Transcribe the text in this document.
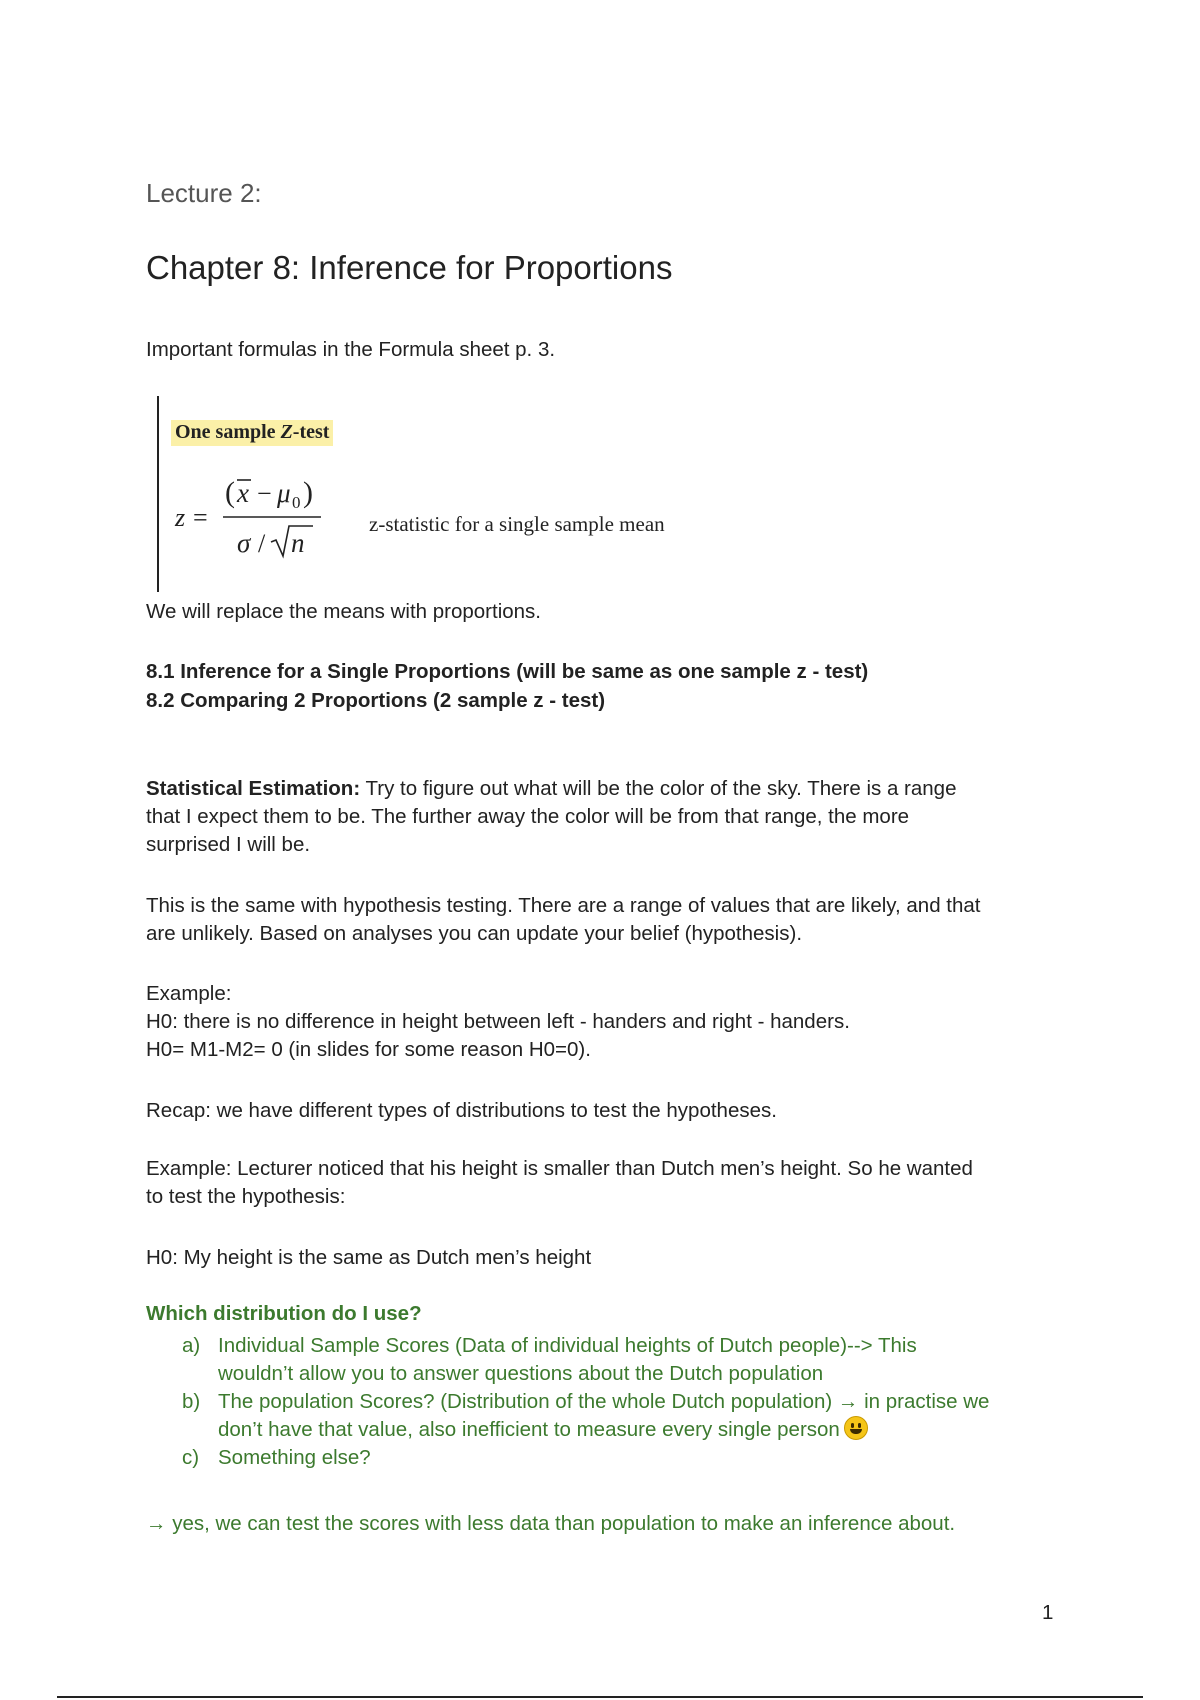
Lecture 2:
Chapter 8: Inference for Proportions
Important formulas in the Formula sheet p. 3.
One sample Z-test
z =
( x − μ 0 )
σ / n
z-statistic for a single sample mean
We will replace the means with proportions.
8.1 Inference for a Single Proportions (will be same as one sample z - test)
8.2 Comparing 2 Proportions (2 sample z - test)
Statistical Estimation: Try to figure out what will be the color of the sky. There is a range
that I expect them to be. The further away the color will be from that range, the more
surprised I will be.
This is the same with hypothesis testing. There are a range of values that are likely, and that
are unlikely. Based on analyses you can update your belief (hypothesis).
Example:
H0: there is no difference in height between left - handers and right - handers.
H0= M1-M2= 0 (in slides for some reason H0=0).
Recap: we have different types of distributions to test the hypotheses.
Example: Lecturer noticed that his height is smaller than Dutch men’s height. So he wanted
to test the hypothesis:
H0: My height is the same as Dutch men’s height
Which distribution do I use?
a) Individual Sample Scores (Data of individual heights of Dutch people)--> This
wouldn’t allow you to answer questions about the Dutch population
b) The population Scores? (Distribution of the whole Dutch population) → in practise we
don’t have that value, also inefficient to measure every single person
c) Something else?
→ yes, we can test the scores with less data than population to make an inference about.
1
